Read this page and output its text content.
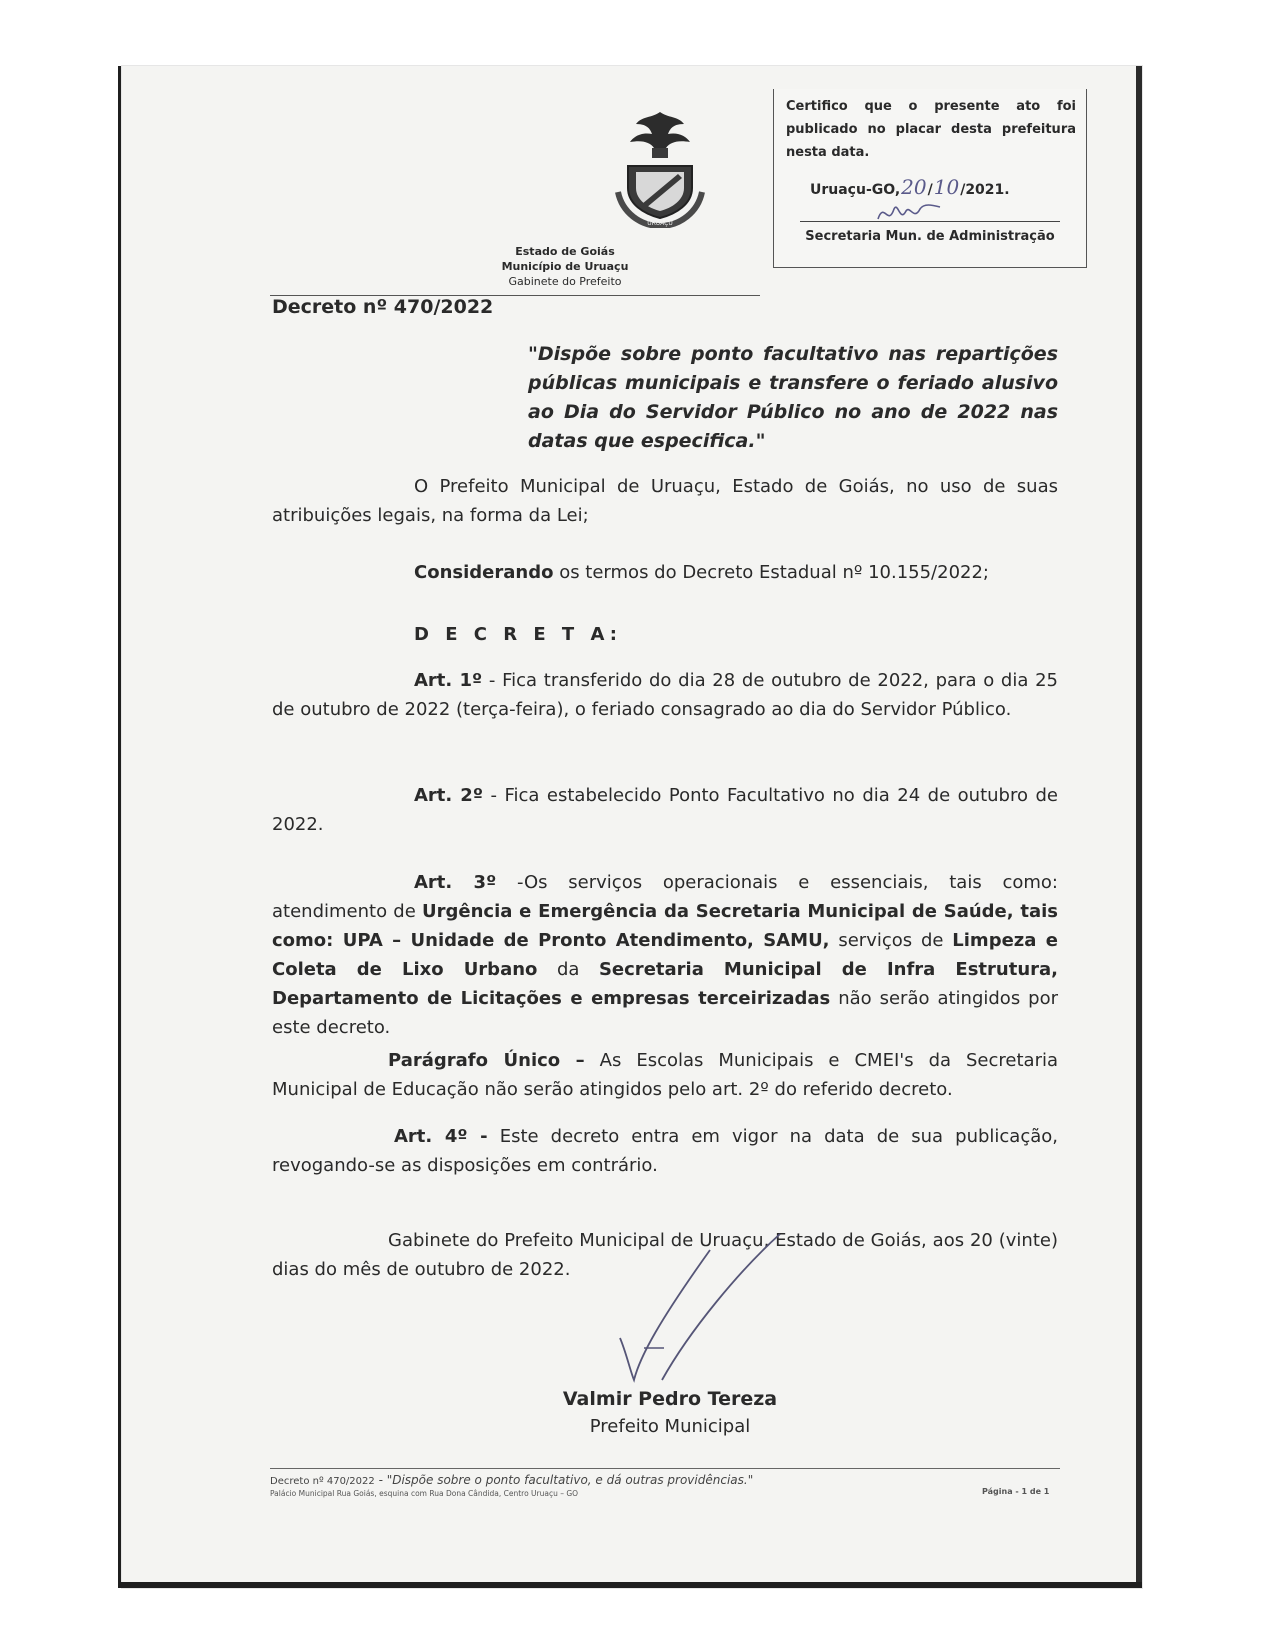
URUAÇU
Estado de Goiás
Município de Uruaçu
Gabinete do Prefeito
Certifico que o presente ato foi publicado no placar desta prefeitura nesta data.
Uruaçu-GO,20/10/2021.
Secretaria Mun. de Administração
Decreto nº 470/2022
"Dispõe sobre ponto facultativo nas repartições públicas municipais e transfere o feriado alusivo ao Dia do Servidor Público no ano de 2022 nas datas que especifica."
O Prefeito Municipal de Uruaçu, Estado de Goiás, no uso de suas atribuições legais, na forma da Lei;
Considerando os termos do Decreto Estadual nº 10.155/2022;
D E C R E T A:
Art. 1º - Fica transferido do dia 28 de outubro de 2022, para o dia 25 de outubro de 2022 (terça-feira), o feriado consagrado ao dia do Servidor Público.
Art. 2º - Fica estabelecido Ponto Facultativo no dia 24 de outubro de 2022.
Art. 3º -Os serviços operacionais e essenciais, tais como: atendimento de Urgência e Emergência da Secretaria Municipal de Saúde, tais como: UPA – Unidade de Pronto Atendimento, SAMU, serviços de Limpeza e Coleta de Lixo Urbano da Secretaria Municipal de Infra Estrutura, Departamento de Licitações e empresas terceirizadas não serão atingidos por este decreto.
Parágrafo Único – As Escolas Municipais e CMEI's da Secretaria Municipal de Educação não serão atingidos pelo art. 2º do referido decreto.
Art. 4º - Este decreto entra em vigor na data de sua publicação, revogando-se as disposições em contrário.
Gabinete do Prefeito Municipal de Uruaçu, Estado de Goiás, aos 20 (vinte) dias do mês de outubro de 2022.
Valmir Pedro Tereza
Prefeito Municipal
Decreto nº 470/2022 - "Dispõe sobre o ponto facultativo, e dá outras providências."
Palácio Municipal Rua Goiás, esquina com Rua Dona Cândida, Centro Uruaçu – GO	Página - 1 de 1
